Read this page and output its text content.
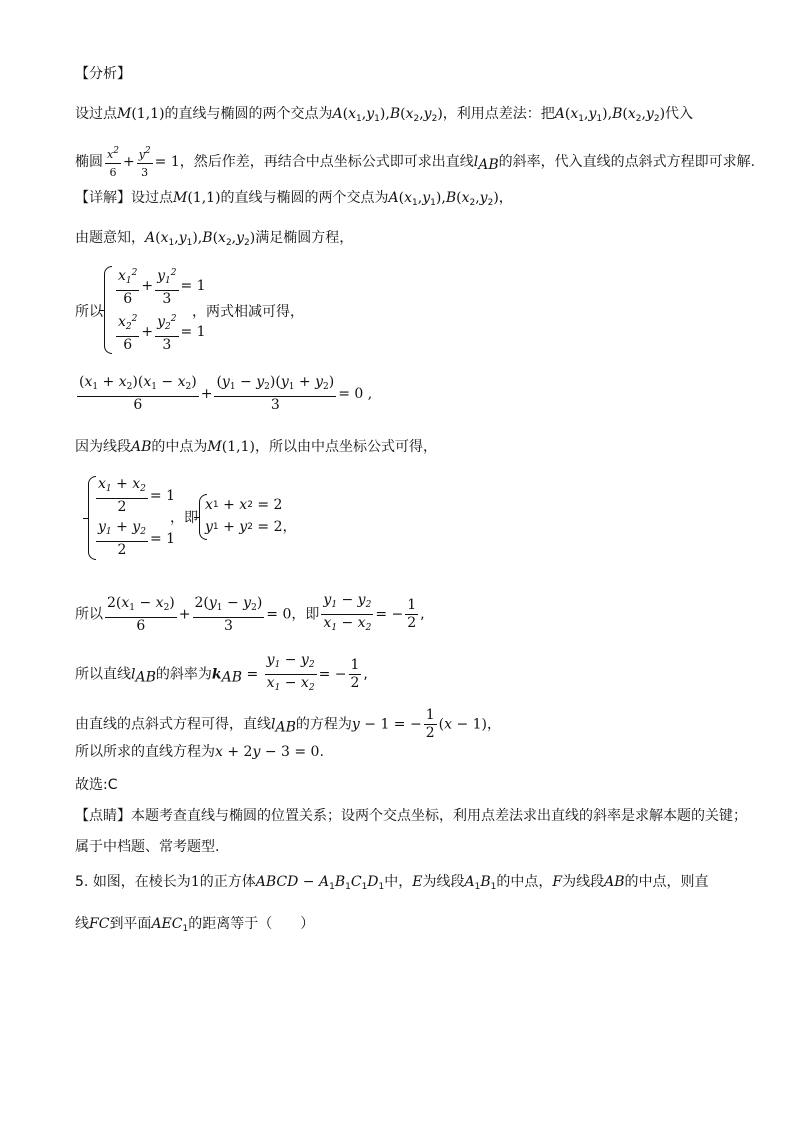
【分析】
设过点M(1,1)的直线与椭圆的两个交点为$A(x_1,y_1),B(x_2,y_2)$，利用点差法：把$A(x_1,y_1),B(x_2,y_2)$代入
椭圆 $\frac{x^2}{6} + \frac{y^2}{3} = 1$，然后作差，再结合中点坐标公式即可求出直线$l_{AB}$的斜率，代入直线的点斜式方程即可求解.
【详解】设过点M(1,1)的直线与椭圆的两个交点为$A(x_1,y_1),B(x_2,y_2)$，
由题意知，$A(x_1,y_1),B(x_2,y_2)$满足椭圆方程，
所以
$\frac{x_1^2}{6} + \frac{y_1^2}{3} = 1$
$\frac{x_2^2}{6} + \frac{y_2^2}{3} = 1$
，两式相减可得，
$\frac{(x_1 + x_2)(x_1 - x_2)}{6} + \frac{(y_1 - y_2)(y_1 + y_2)}{3} = 0$ ,
因为线段AB的中点为M(1,1)，所以由中点坐标公式可得，
$\frac{x_1 + x_2}{2} = 1$
$\frac{y_1 + y_2}{2} = 1$
，即
x 1 + x 2 = 2
y 1 + y 2 = 2 ，
所以 $\frac{2(x_1 - x_2)}{6} + \frac{2(y_1 - y_2)}{3} = 0$，即 $\frac{y_1 - y_2}{x_1 - x_2}$ = − $\frac{1}{2}$ ,
所以直线$l_{AB}$的斜率为$k_{AB} = \frac{y_1 - y_2}{x_1 - x_2}$ = − $\frac{1}{2}$ ,
由直线的点斜式方程可得，直线$l_{AB}$的方程为y − 1 = − $\frac{1}{2} (x - 1)$，
所以所求的直线方程为x + 2y − 3 = 0.
故选:C
【点睛】本题考查直线与椭圆的位置关系；设两个交点坐标，利用点差法求出直线的斜率是求解本题的关键；
属于中档题、常考题型.
5. 如图，在棱长为1的正方体ABCD − $A_1B_1C_1D_1$中，E为线段$A_1B_1$的中点，F为线段AB的中点，则直
线FC到平面$AEC_1$的距离等于（　　）
